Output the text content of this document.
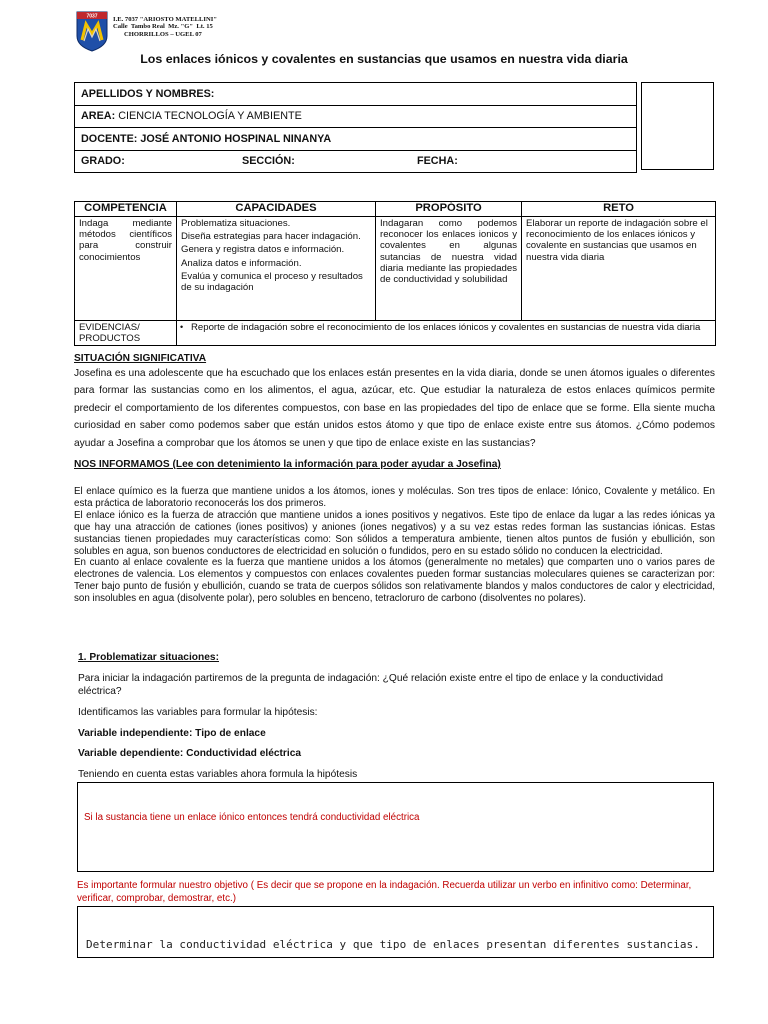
7037 I.E. 7037 "ARIOSTO MATELLINI"
Calle  Tambo Real  Mz. "G"  Lt. 15
CHORRILLOS – UGEL 07
Los enlaces iónicos y covalentes en sustancias que usamos en nuestra vida diaria
APELLIDOS Y NOMBRES:
AREA: CIENCIA TECNOLOGÍA Y AMBIENTE
DOCENTE: JOSÉ ANTONIO HOSPINAL NINANYA

GRADO:	SECCIÓN:	FECHA:
COMPETENCIA	CAPACIDADES	PROPÓSITO	RETO
Indaga mediante métodos científicos para construir conocimientos	Problematiza situaciones.
Diseña estrategias para hacer indagación.
Genera y registra datos e información.
Analiza datos e información.
Evalúa y comunica el proceso y resultados de su indagación	Indagaran como podemos reconocer los enlaces ionicos y covalentes en algunas sutancias de nuestra vidad diaria mediante las propiedades de conductividad y solubilidad	Elaborar un reporte de indagación sobre el reconocimiento de los enlaces iónicos y covalente en sustancias que usamos en nuestra vida diaria
EVIDENCIAS/ PRODUCTOS	• Reporte de indagación sobre el reconocimiento de los enlaces iónicos y covalentes en sustancias de nuestra vida diaria		
SITUACIÓN SIGNIFICATIVA
Josefina es una adolescente que ha escuchado que los enlaces están presentes en la vida diaria, donde se unen átomos iguales o diferentes para formar las sustancias como en los alimentos, el agua, azúcar, etc. Que estudiar la naturaleza de estos enlaces químicos permite predecir el comportamiento de los diferentes compuestos, con base en las propiedades del tipo de enlace que se forme. Ella siente mucha curiosidad en saber como podemos saber que están unidos estos átomo y que tipo de enlace existe entre sus átomos. ¿Cómo podemos ayudar a Josefina a comprobar que los átomos se unen y que tipo de enlace existe en las sustancias?
NOS INFORMAMOS (Lee con detenimiento la información para poder ayudar a Josefina)
El enlace químico es la fuerza que mantiene unidos a los átomos, iones y moléculas. Son tres tipos de enlace: Iónico, Covalente y metálico. En esta práctica de laboratorio reconocerás los dos primeros.
El enlace iónico es la fuerza de atracción que mantiene unidos a iones positivos y negativos. Este tipo de enlace da lugar a las redes iónicas ya que hay una atracción de cationes (iones positivos) y aniones (iones negativos) y a su vez estas redes forman las sustancias iónicas. Estas sustancias tienen propiedades muy características como: Son sólidos a temperatura ambiente, tienen altos puntos de fusión y ebullición, son solubles en agua, son buenos conductores de electricidad en solución o fundidos, pero en su estado sólido no conducen la electricidad.
En cuanto al enlace covalente es la fuerza que mantiene unidos a los átomos (generalmente no metales) que comparten uno o varios pares de electrones de valencia. Los elementos y compuestos con enlaces covalentes pueden formar sustancias moleculares quienes se caracterizan por: Tener bajo punto de fusión y ebullición, cuando se trata de cuerpos sólidos son relativamente blandos y malos conductores de calor y electricidad, son insolubles en agua (disolvente polar), pero solubles en benceno, tetracloruro de carbono (disolventes no polares).
1. Problematizar situaciones:
Para iniciar la indagación partiremos de la pregunta de indagación: ¿Qué relación existe entre el tipo de enlace y la conductividad eléctrica?
Identificamos las variables para formular la hipótesis:
Variable independiente: Tipo de enlace
Variable dependiente: Conductividad eléctrica
Teniendo en cuenta estas variables ahora formula la hipótesis
Si la sustancia tiene un enlace iónico entonces tendrá conductividad eléctrica
Es importante formular nuestro objetivo ( Es decir que se propone en la indagación. Recuerda utilizar un verbo en infinitivo como: Determinar, verificar, comprobar, demostrar, etc.)
Determinar la conductividad eléctrica y que tipo de enlaces presentan diferentes sustancias.
